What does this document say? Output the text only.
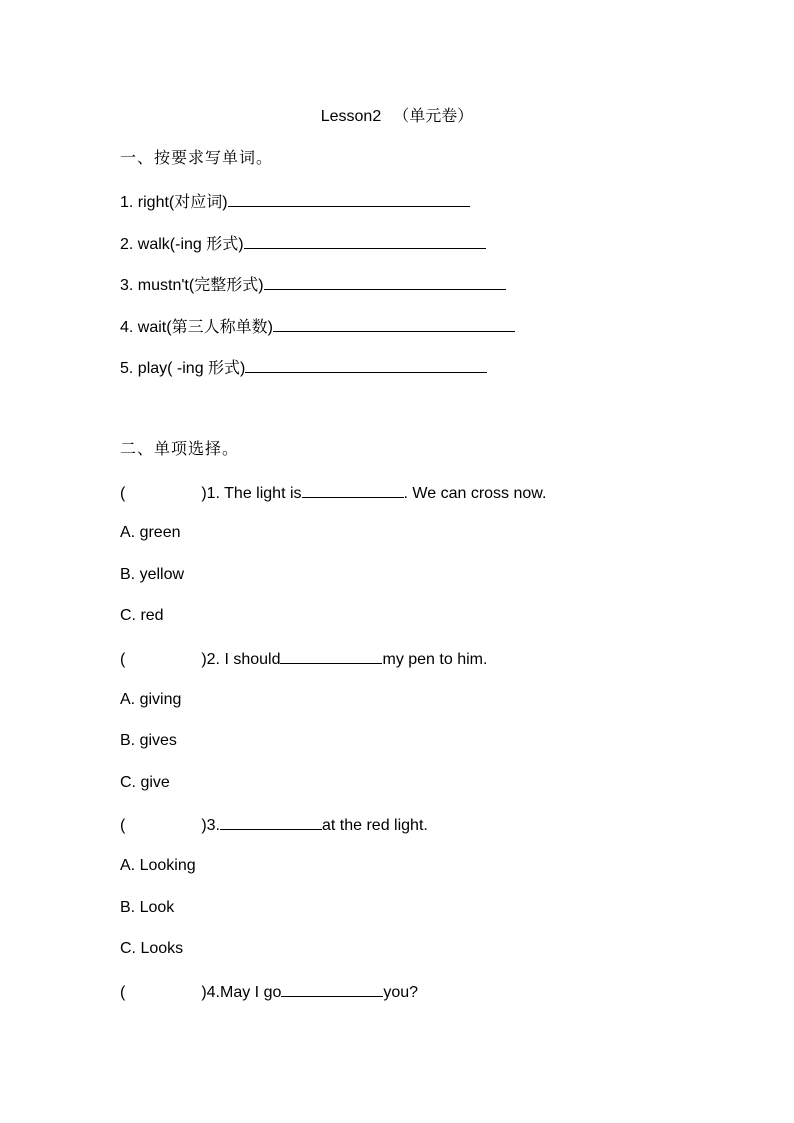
Lesson2 （单元卷）
一、按要求写单词。
1. right(对应词)
2. walk(-ing 形式)
3. mustn't(完整形式)
4. wait(第三人称单数)
5. play( -ing 形式)
二、单项选择。
(	)1. The light is	. We can cross now.
A. green
B. yellow
C. red
(	)2. I should	my pen to him.
A. giving
B. gives
C. give
(	)3.	at the red light.
A. Looking
B. Look
C. Looks
(	)4.May I go	you?
